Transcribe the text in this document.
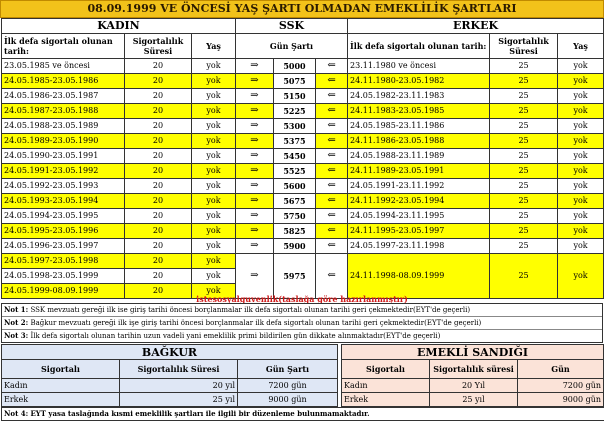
08.09.1999 VE ÖNCESİ YAŞ ŞARTI OLMADAN EMEKLİLİK ŞARTLARI
KADIN			SSK			ERKEK		
İlk defa sigortalı olunan tarih:	Sigortalılık Süresi	Yaş	Gün Şartı			İlk defa sigortalı olunan tarih:	Sigortalılık Süresi	Yaş
23.05.1985 ve öncesi	20	yok	⇒	5000	⇐	23.11.1980 ve öncesi	25	yok
24.05.1985-23.05.1986	20	yok	⇒	5075	⇐	24.11.1980-23.05.1982	25	yok
24.05.1986-23.05.1987	20	yok	⇒	5150	⇐	24.05.1982-23.11.1983	25	yok
24.05.1987-23.05.1988	20	yok	⇒	5225	⇐	24.11.1983-23.05.1985	25	yok
24.05.1988-23.05.1989	20	yok	⇒	5300	⇐	24.05.1985-23.11.1986	25	yok
24.05.1989-23.05.1990	20	yok	⇒	5375	⇐	24.11.1986-23.05.1988	25	yok
24.05.1990-23.05.1991	20	yok	⇒	5450	⇐	24.05.1988-23.11.1989	25	yok
24.05.1991-23.05.1992	20	yok	⇒	5525	⇐	24.11.1989-23.05.1991	25	yok
24.05.1992-23.05.1993	20	yok	⇒	5600	⇐	24.05.1991-23.11.1992	25	yok
24.05.1993-23.05.1994	20	yok	⇒	5675	⇐	24.11.1992-23.05.1994	25	yok
24.05.1994-23.05.1995	20	yok	⇒	5750	⇐	24.05.1994-23.11.1995	25	yok
24.05.1995-23.05.1996	20	yok	⇒	5825	⇐	24.11.1995-23.05.1997	25	yok
24.05.1996-23.05.1997	20	yok	⇒	5900	⇐	24.05.1997-23.11.1998	25	yok
24.05.1997-23.05.1998	20	yok	⇒	5975	⇐	24.11.1998-08.09.1999	25	yok
24.05.1998-23.05.1999	20	yok						
24.05.1999-08.09.1999	20	yok						
istesosyalguvenlik(taslağa göre hazırlanmıştır)
Not 1: SSK mevzuatı gereği ilk ise giriş tarihi öncesi borçlanmalar ilk defa sigortalı olunan tarihi geri çekmektedir(EYT'de geçerli)
Not 2: Bağkur mevzuatı gereği ilk işe giriş tarihi öncesi borçlanmalar ilk defa sigortalı olunan tarihi geri çekmektedir(EYT'de geçerli)
Not 3: İlk defa sigortalı olunan tarihin uzun vadeli yani emeklilik primi bildirilen gün dikkate alınmaktadır(EYT'de geçerli)
BAĞKUR		
Sigortalı	Sigortalılık Süresi	Gün Şartı
Kadın	20 yıl	7200 gün
Erkek	25 yıl	9000 gün
EMEKLİ SANDIĞI		
Sigortalı	Sigortalılık süresi	Gün
Kadın	20 Yıl	7200 gün
Erkek	25 yıl	9000 gün
Not 4: EYT yasa taslağında kısmi emeklilik şartları ile ilgili bir düzenleme bulunmamaktadır.
